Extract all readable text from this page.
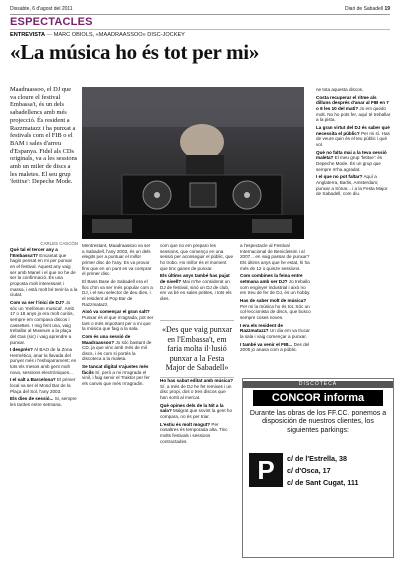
Dissabte, 6 d'agost del 2011	Diari de Sabadell 19
ESPECTACLES
ENTREVISTA — MARC OBIOLS, «MAADRAASSOO» DISC-JOCKEY
«La música ho és tot per mi»
Maadraassoo, el DJ que va cloure el festival Embassa't, és un dels sabadellencs amb més projecció. És resident a Razzmatazz i ha punxat a festivals com el FIB o el BAM i sales d'arreu d'Espanya. Fidel als CDs originals, va a les sessions amb un miler de discs a les maletes. El seu grup 'fetitxe': Depeche Mode.
CARLES CASCÓN

Què tal el tercer any a l'Embassa't? Encantat que hagin pensat en mi per punxar en el festival. Aquest any vaig ser amb Manel i el que no he de ser la confirmació. És una proposta molt interessant i massa, i està molt bé tenir-la a la ciutat.

Com va ser l'inici de DJ? Jo sóc un 'melòman musical'. Amb 17 o 18 anys jo era molt curiós, sempre em compava discos i cassettes. I mig fent una, vaig treballar al Museum a la plaça del Gas (sic) i vaig aprendre a punxar.

I després? Al BAO de la Zona Hermètica, anar la llavada del punyet més i l'esbojarrament; en tots els mesos amb gent molt nova, sessions electròniques...

I el salt a Barcelona? El primer local va ser el Mond Bar de la Plaça del Sol, l'any 2003.

Els dies de sessió... Si, sempre les tardes entre setmana.

Mentrestant, Maadraassoo va ser a Sabadell, l'any 2003, és un dels elegits per a puntuar el millor primer disc de l'any. Es va provar fins que en un punt es va comprar el primer disc.

El Bass Base de Sabadell era el lloc d'on va ser més popular com a DJ, i el seu selector de deu dies, i el resident al Pop Bar de Razzmatazz.

Això va començar el gran salt? Punxar és el que m'agrada, pot ser tant o més important per a mi que la música que faig a la sala.

Com és una sessió de Maadraassoo? Jo sóc bastant de CD, ja que vinc amb més de mil discs, i és com si portés la discoteca a la maleta.

Se tancat digital s'ajustes més fàcils Sí, però a mi m'agrada el vinil, i faig servir el Traktor per fer els canvis que més m'agradin.

com que no em preparo les sessions, que començo en una sessió per aconseguir el públic, que ho trobo. Ho millor és el moment que tinc ganes de punxar.

Els últims anys també has pujat de nivell? Mai m'he considerat un DJ de festival, sinó un DJ de club, em va bé en sales petites, i tots els dies.

«Des que vaig punxar en l'Embassa't, em faria molta il·lusió punxar a la Festa Major de Sabadell»

Ho has sabut editat amb música? Sí, a més de DJ he fet remixes i un disc propi, dos o tres discos que han sortit al mercat.

Què opines dels de la Nit a la sala? Malgrat que sovint la gent ho compara, no és per triar.

L'estiu és molt mogut? Per nosaltres és temporada alta. Tinc molts festivals i sessions contractades.

a l'espectacle al Festival Internacional de Benicàssim i al 2007... en vaig passar de punxar? Els últims anys que he estat, hi ha més de 12 o quinze sessions.

Com combines la feina entre setmana amb ser DJ? Jo treballo com enginyer industrial i això no em treu de fer de DJ, és un hobby.

Has de saber molt de música? Per mi la música ho és tot. Sóc un col·leccionista de discs, que busco sempre coses noves.

I era els resident de Razzmatazz? Un dia em va trucar la sala i vaig començar a punxar.

I també va venir el FIB... Des del 2005 jo anava com a públic.

ne tota aquesta discos.

Costa recuperar el ritme als dilluns després d'anar al FIB en 7 o 8 les 10 del matí? Jo em quedo molt. No ho pots fer, aquí té treballar a la pista.

La gran virtut del DJ és saber què necessita el públic? Per mi sí. Has de veure quin és el teu públic i què vol.

Què no falta mai a la teva sessió maleta? El meu grup 'fetitxe': és Depeche Mode. És un grup que sempre m'ha agradat.

I el que no pot faltar? Aquí a Anglaterra, Barlis, Amsterdam; punxar a Sónar... i a la Festa Major de Sabadell, com diu.

DISCOTECA
CONCOR informa
Durante las obras de los FF.CC. ponemos a disposición de nuestros clientes, los siguientes parkings:
P	c/ de l'Estrella, 38
c/ d'Osca, 17
c/ de Sant Cugat, 111
